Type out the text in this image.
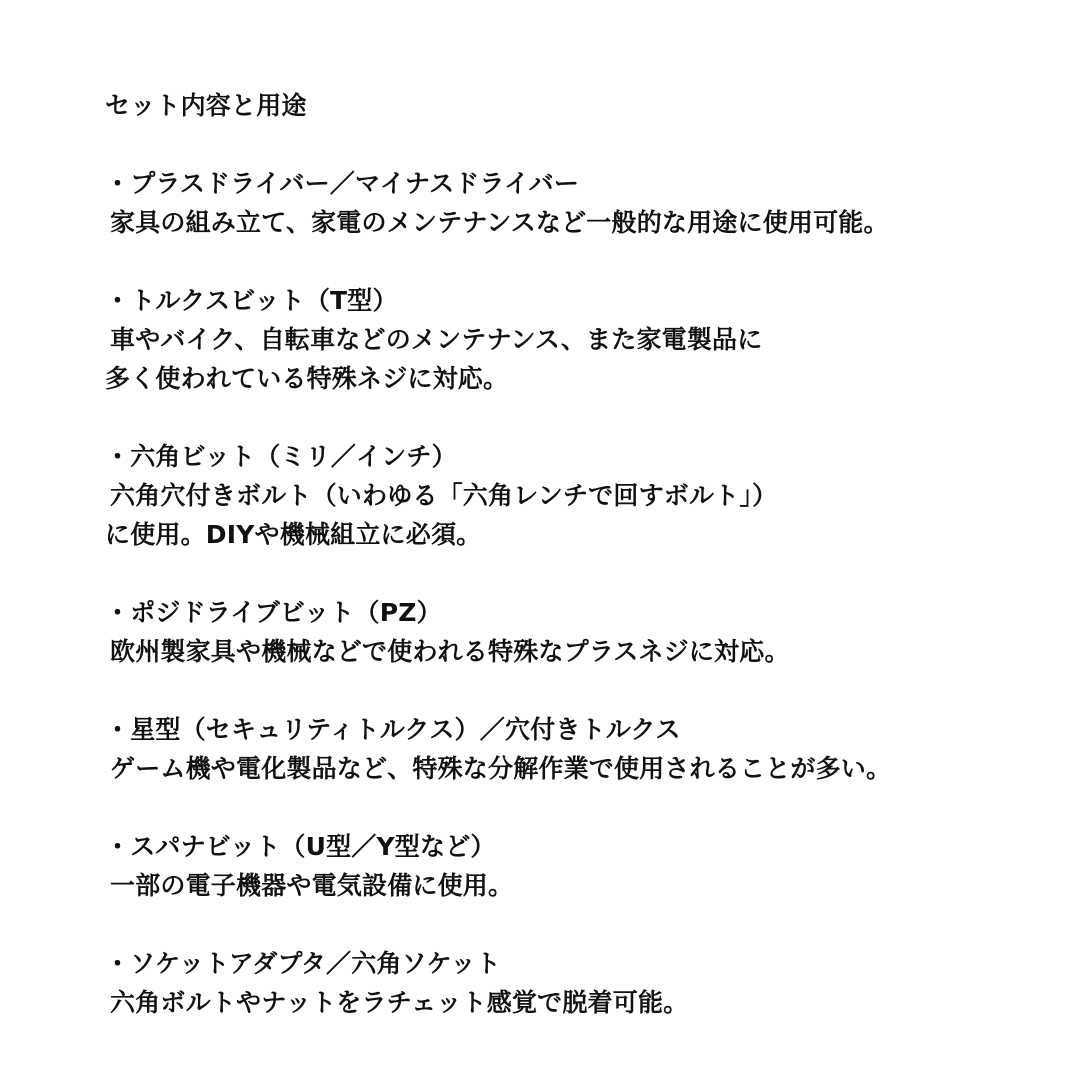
セット内容と用途
・プラスドライバー／マイナスドライバー
家具の組み立て、家電のメンテナンスなど一般的な用途に使用可能。
・トルクスビット（T型）
車やバイク、自転車などのメンテナンス、また家電製品に
多く使われている特殊ネジに対応。
・六角ビット（ミリ／インチ）
六角穴付きボルト（いわゆる「六角レンチで回すボルト」）
に使用。DIYや機械組立に必須。
・ポジドライブビット（PZ）
欧州製家具や機械などで使われる特殊なプラスネジに対応。
・星型（セキュリティトルクス）／穴付きトルクス
ゲーム機や電化製品など、特殊な分解作業で使用されることが多い。
・スパナビット（U型／Y型など）
一部の電子機器や電気設備に使用。
・ソケットアダプタ／六角ソケット
六角ボルトやナットをラチェット感覚で脱着可能。
